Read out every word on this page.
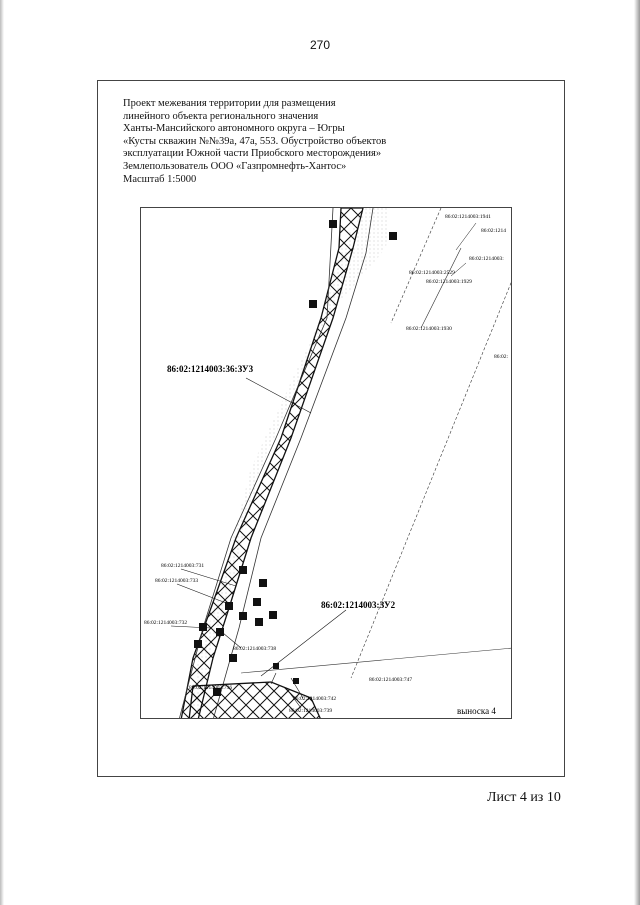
270
Проект межевания территории для размещения
линейного объекта регионального значения
Ханты-Мансийского автономного округа – Югры
«Кусты скважин №№39а, 47а, 553. Обустройство объектов
эксплуатации Южной части Приобского месторождения»
Землепользователь ООО «Газпромнефть-Хантос»
Масштаб 1:5000
86:02:1214003:36:ЗУ3
86:02:1214003:ЗУ2
86:02:1214003:1941
86:02:1214
86:02:1214003:
86:02:1214003:2529
86:02:1214003:1929
86:02:1214003:1930
86:02:
86:02:1214003:731
86:02:1214003:733
86:02:1214003:732
86:02:1214003:738
86:02:1214003:747
86:02:1214003:736
86:02:1214003:742
86:02:1214003:739	выноска 4
Лист 4 из 10
